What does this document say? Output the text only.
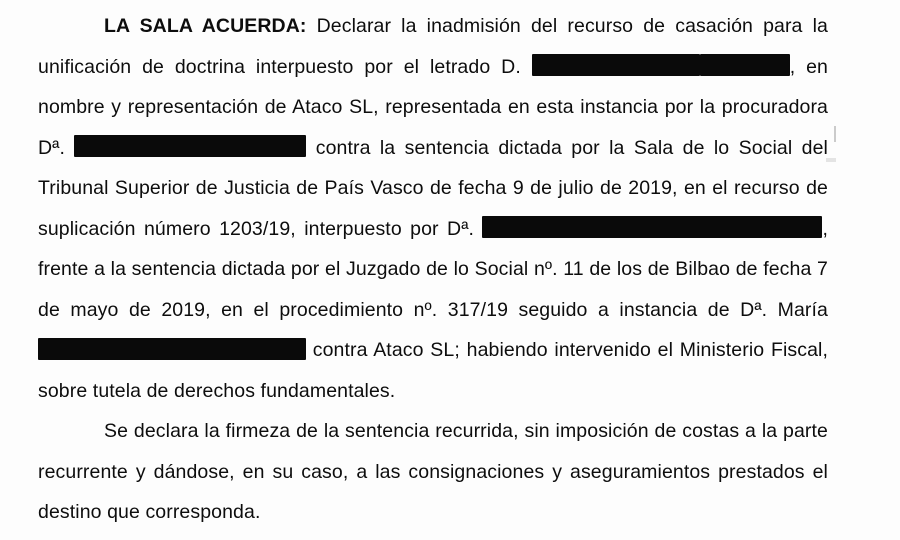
LA SALA ACUERDA: Declarar la inadmisión del recurso de casación para la unificación de doctrina interpuesto por el letrado D.	, en nombre y representación de Ataco SL, representada en esta instancia por la procuradora Dª.	contra la sentencia dictada por la Sala de lo Social del Tribunal Superior de Justicia de País Vasco de fecha 9 de julio de 2019, en el recurso de suplicación número 1203/19, interpuesto por Dª.	, frente a la sentencia dictada por el Juzgado de lo Social nº. 11 de los de Bilbao de fecha 7 de mayo de 2019, en el procedimiento nº. 317/19 seguido a instancia de Dª. María  contra Ataco SL; habiendo intervenido el Ministerio Fiscal, sobre tutela de derechos fundamentales.

Se declara la firmeza de la sentencia recurrida, sin imposición de costas a la parte recurrente y dándose, en su caso, a las consignaciones y aseguramientos prestados el destino que corresponda.
